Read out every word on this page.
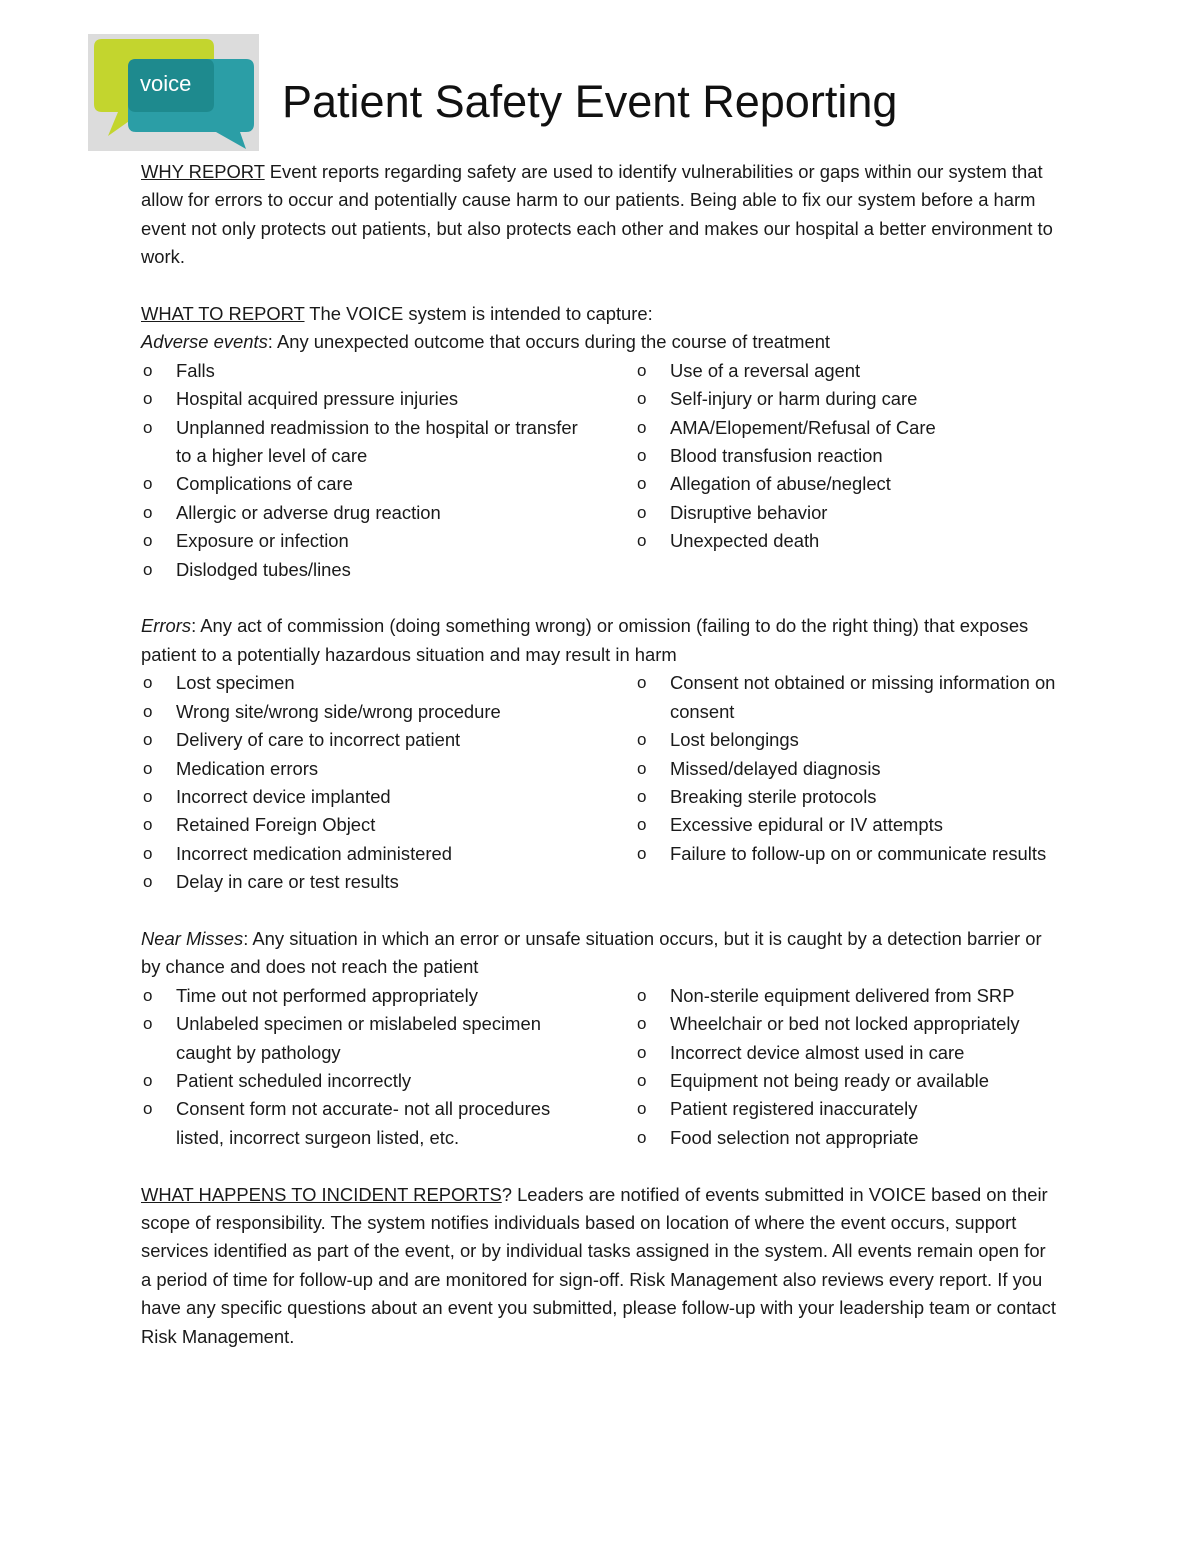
voice Patient Safety Event Reporting

WHY REPORT Event reports regarding safety are used to identify vulnerabilities or gaps within our system that allow for errors to occur and potentially cause harm to our patients. Being able to fix our system before a harm event not only protects out patients, but also protects each other and makes our hospital a better environment to work.

WHAT TO REPORT The VOICE system is intended to capture:

Adverse events: Any unexpected outcome that occurs during the course of treatment

o Falls
o Hospital acquired pressure injuries
o Unplanned readmission to the hospital or transfer to a higher level of care
o Complications of care
o Allergic or adverse drug reaction
o Exposure or infection
o Dislodged tubes/lines
o Use of a reversal agent
o Self-injury or harm during care
o AMA/Elopement/Refusal of Care
o Blood transfusion reaction
o Allegation of abuse/neglect
o Disruptive behavior
o Unexpected death

Errors: Any act of commission (doing something wrong) or omission (failing to do the right thing) that exposes patient to a potentially hazardous situation and may result in harm

o Lost specimen
o Wrong site/wrong side/wrong procedure
o Delivery of care to incorrect patient
o Medication errors
o Incorrect device implanted
o Retained Foreign Object
o Incorrect medication administered
o Delay in care or test results
o Consent not obtained or missing information on consent
o Lost belongings
o Missed/delayed diagnosis
o Breaking sterile protocols
o Excessive epidural or IV attempts
o Failure to follow-up on or communicate results

Near Misses: Any situation in which an error or unsafe situation occurs, but it is caught by a detection barrier or by chance and does not reach the patient

o Time out not performed appropriately
o Unlabeled specimen or mislabeled specimen caught by pathology
o Patient scheduled incorrectly
o Consent form not accurate- not all procedures listed, incorrect surgeon listed, etc.
o Non-sterile equipment delivered from SRP
o Wheelchair or bed not locked appropriately
o Incorrect device almost used in care
o Equipment not being ready or available
o Patient registered inaccurately
o Food selection not appropriate

WHAT HAPPENS TO INCIDENT REPORTS? Leaders are notified of events submitted in VOICE based on their scope of responsibility. The system notifies individuals based on location of where the event occurs, support services identified as part of the event, or by individual tasks assigned in the system. All events remain open for a period of time for follow-up and are monitored for sign-off. Risk Management also reviews every report. If you have any specific questions about an event you submitted, please follow-up with your leadership team or contact Risk Management.
